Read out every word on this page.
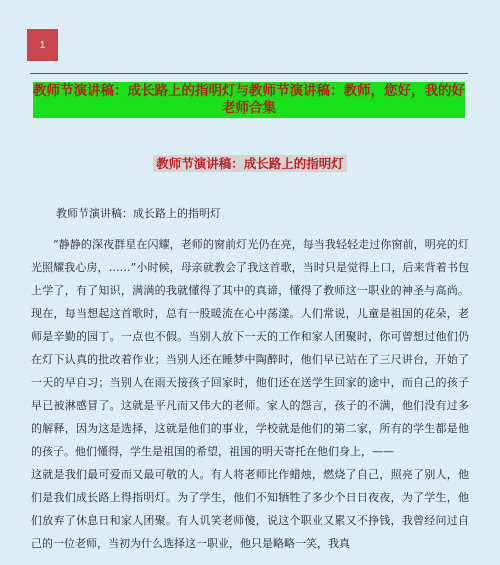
1
教师节演讲稿：成长路上的指明灯与教师节演讲稿：教师，您好，我的好老师合集
教师节演讲稿：成长路上的指明灯
教师节演讲稿：成长路上的指明灯

“静静的深夜群星在闪耀，老师的窗前灯光仍在亮，每当我轻轻走过你窗前，明亮的灯光照耀我心房，……”小时候，母亲就教会了我这首歌，当时只是觉得上口，后来背着书包上学了，有了知识，满满的我就懂得了其中的真谛，懂得了教师这一职业的神圣与高尚。现在，每当想起这首歌时，总有一股暖流在心中荡漾。人们常说，儿童是祖国的花朵，老师是辛勤的园丁。一点也不假。当别人放下一天的工作和家人团聚时，你可曾想过他们仍在灯下认真的批改着作业；当别人还在睡梦中陶醉时，他们早已站在了三尺讲台，开始了一天的早自习；当别人在雨天接孩子回家时，他们还在送学生回家的途中，而自己的孩子早已被淋感冒了。这就是平凡而又伟大的老师。家人的怨言，孩子的不满，他们没有过多的解释，因为这是选择，这就是他们的事业，学校就是他们的第二家，所有的学生都是他的孩子。他们懂得，学生是祖国的希望，祖国的明天寄托在他们身上，——

这就是我们最可爱而又最可敬的人。有人将老师比作蜡烛，燃烧了自己，照亮了别人，他们是我们成长路上得指明灯。为了学生，他们不知牺牲了多少个日日夜夜，为了学生，他们放弃了休息日和家人团聚。有人讥笑老师傻，说这个职业又累又不挣钱，我曾经问过自己的一位老师，当初为什么选择这一职业，他只是略略一笑，我真
